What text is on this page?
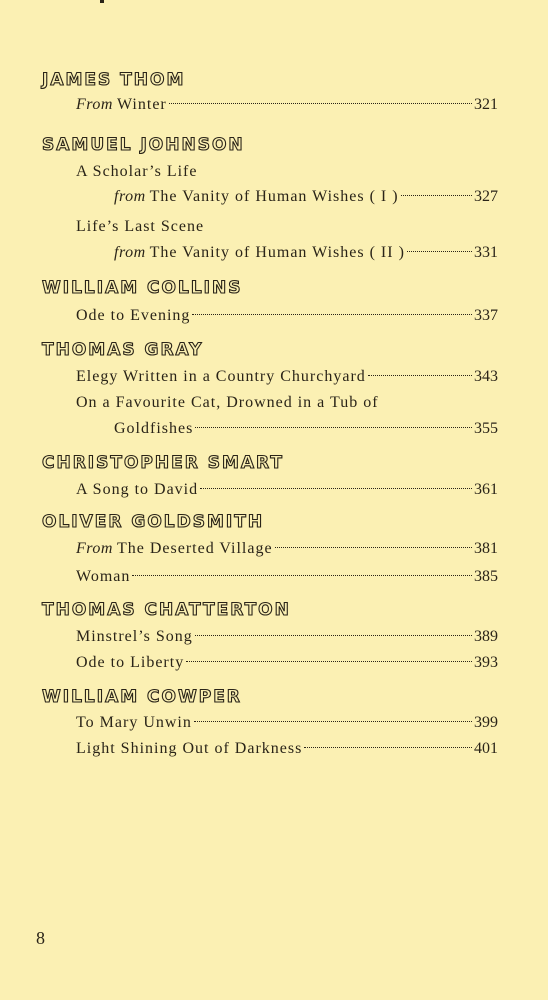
JAMES THOM
From Winter	321
SAMUEL JOHNSON
A Scholar’s Life
from The Vanity of Human Wishes ( I )	327
Life’s Last Scene
from The Vanity of Human Wishes ( II )	331
WILLIAM COLLINS
Ode to Evening	337
THOMAS GRAY
Elegy Written in a Country Churchyard	343
On a Favourite Cat, Drowned in a Tub of
Goldfishes	355
CHRISTOPHER SMART
A Song to David	361
OLIVER GOLDSMITH
From The Deserted Village	381
Woman	385
THOMAS CHATTERTON
Minstrel’s Song	389
Ode to Liberty	393
WILLIAM COWPER
To Mary Unwin	399
Light Shining Out of Darkness	401
8
